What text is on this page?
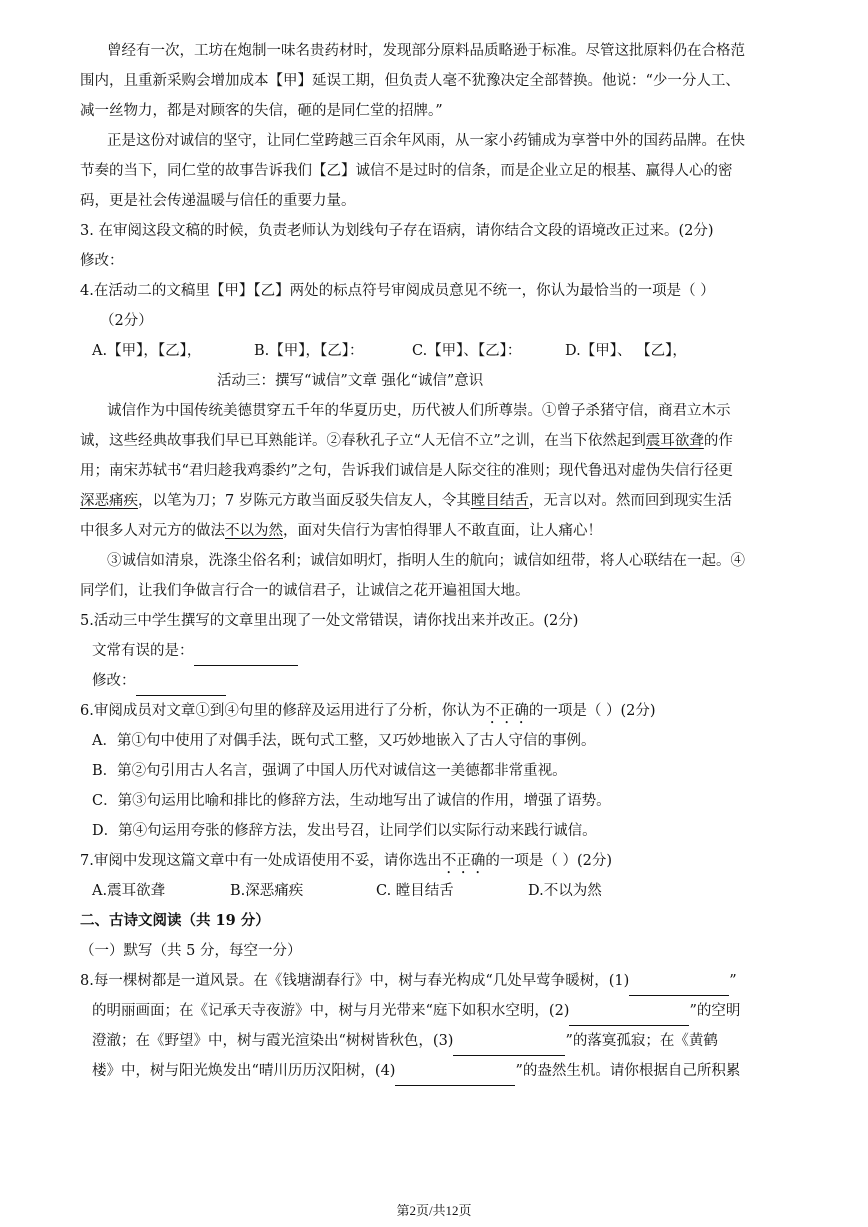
曾经有一次，工坊在炮制一味名贵药材时，发现部分原料品质略逊于标准。尽管这批原料仍在合格范
围内，且重新采购会增加成本【甲】延误工期，但负责人毫不犹豫决定全部替换。他说：“少一分人工、
减一丝物力，都是对顾客的失信，砸的是同仁堂的招牌。”
正是这份对诚信的坚守，让同仁堂跨越三百余年风雨，从一家小药铺成为享誉中外的国药品牌。在快
节奏的当下，同仁堂的故事告诉我们【乙】诚信不是过时的信条，而是企业立足的根基、赢得人心的密
码，更是社会传递温暖与信任的重要力量。
3. 在审阅这段文稿的时候，负责老师认为划线句子存在语病，请你结合文段的语境改正过来。(2分)
修改：
4.在活动二的文稿里【甲】【乙】两处的标点符号审阅成员意见不统一，你认为最恰当的一项是（ ）
（2分）
A.【甲】，【乙】，	B.【甲】，【乙】：	C.【甲】、【乙】：	D.【甲】、 【乙】，
活动三：撰写“诚信”文章 强化“诚信”意识
诚信作为中国传统美德贯穿五千年的华夏历史，历代被人们所尊崇。①曾子杀猪守信，商君立木示
诚，这些经典故事我们早已耳熟能详。②春秋孔子立“人无信不立”之训，在当下依然起到震耳欲聋的作
用；南宋苏轼书“君归趁我鸡黍约”之句，告诉我们诚信是人际交往的准则；现代鲁迅对虚伪失信行径更
深恶痛疾，以笔为刀；7 岁陈元方敢当面反驳失信友人，令其瞠目结舌，无言以对。然而回到现实生活
中很多人对元方的做法不以为然，面对失信行为害怕得罪人不敢直面，让人痛心！
③诚信如清泉，洗涤尘俗名利；诚信如明灯，指明人生的航向；诚信如纽带，将人心联结在一起。④
同学们，让我们争做言行合一的诚信君子，让诚信之花开遍祖国大地。
5.活动三中学生撰写的文章里出现了一处文常错误，请你找出来并改正。(2分)
文常有误的是：
修改：
6.审阅成员对文章①到④句里的修辞及运用进行了分析，你认为不正确的一项是（ ）(2分)
A．第①句中使用了对偶手法，既句式工整，又巧妙地嵌入了古人守信的事例。
B．第②句引用古人名言，强调了中国人历代对诚信这一美德都非常重视。
C．第③句运用比喻和排比的修辞方法，生动地写出了诚信的作用，增强了语势。
D．第④句运用夸张的修辞方法，发出号召，让同学们以实际行动来践行诚信。
7.审阅中发现这篇文章中有一处成语使用不妥，请你选出不正确的一项是（ ）(2分)
A.震耳欲聋	B.深恶痛疾	C. 瞠目结舌	D.不以为然
二、古诗文阅读（共 19 分）
（一）默写（共 5 分，每空一分）
8.每一棵树都是一道风景。在《钱塘湖春行》中，树与春光构成“几处早莺争暖树，(1)	”
的明丽画面；在《记承天寺夜游》中，树与月光带来“庭下如积水空明，(2)	”的空明
澄澈；在《野望》中，树与霞光渲染出“树树皆秋色，(3)	”的落寞孤寂；在《黄鹤
楼》中，树与阳光焕发出“晴川历历汉阳树，(4)	”的盎然生机。请你根据自己所积累
第2页/共12页
